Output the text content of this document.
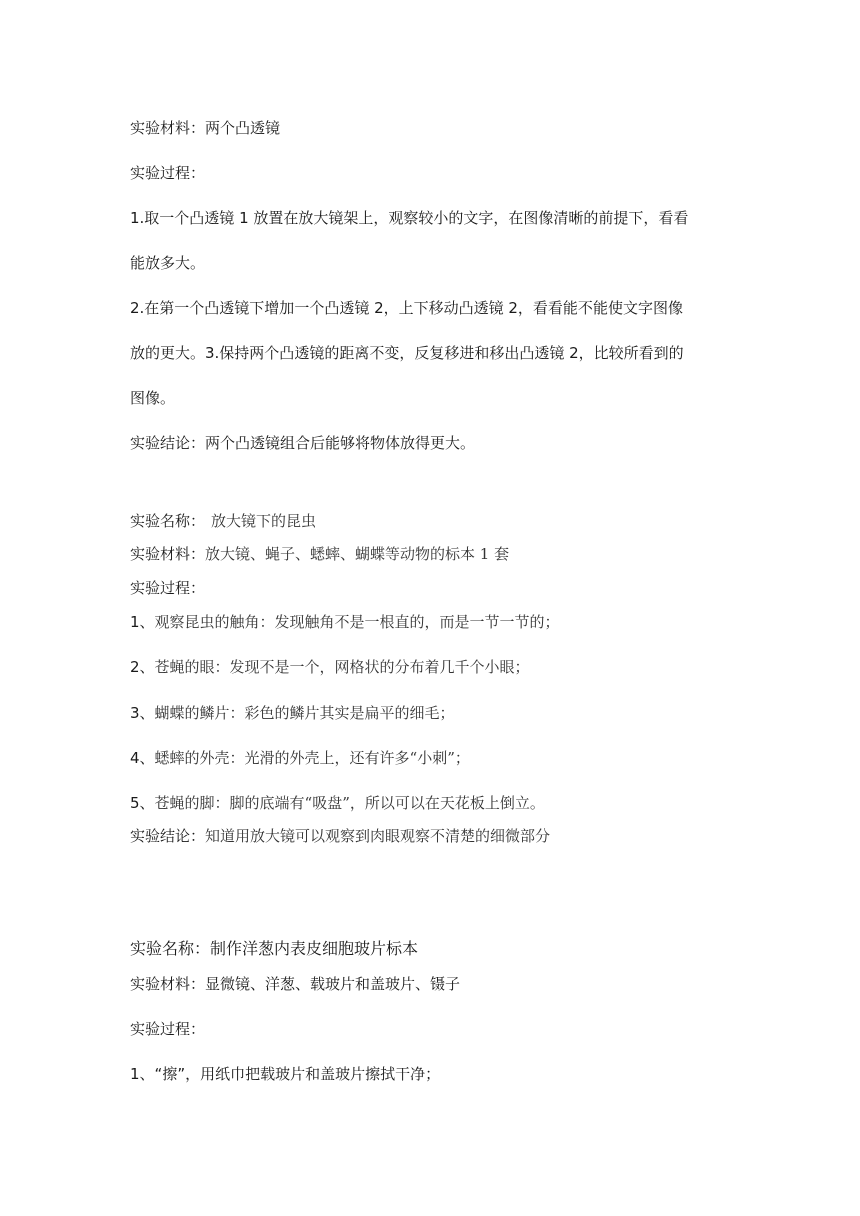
实验材料：两个凸透镜
实验过程：
1.取一个凸透镜 1 放置在放大镜架上，观察较小的文字，在图像清晰的前提下，看看
能放多大。
2.在第一个凸透镜下增加一个凸透镜 2，上下移动凸透镜 2，看看能不能使文字图像
放的更大。3.保持两个凸透镜的距离不变，反复移进和移出凸透镜 2，比较所看到的
图像。
实验结论：两个凸透镜组合后能够将物体放得更大。
实验名称： 放大镜下的昆虫
实验材料：放大镜、蝇子、蟋蟀、蝴蝶等动物的标本 1 套
实验过程：
1、观察昆虫的触角：发现触角不是一根直的，而是一节一节的；
2、苍蝇的眼：发现不是一个，网格状的分布着几千个小眼；
3、蝴蝶的鳞片：彩色的鳞片其实是扁平的细毛；
4、蟋蟀的外壳：光滑的外壳上，还有许多“小刺”；
5、苍蝇的脚：脚的底端有“吸盘”，所以可以在天花板上倒立。
实验结论：知道用放大镜可以观察到肉眼观察不清楚的细微部分
实验名称：制作洋葱内表皮细胞玻片标本
实验材料：显微镜、洋葱、载玻片和盖玻片、镊子
实验过程：
1、“擦”，用纸巾把载玻片和盖玻片擦拭干净；
